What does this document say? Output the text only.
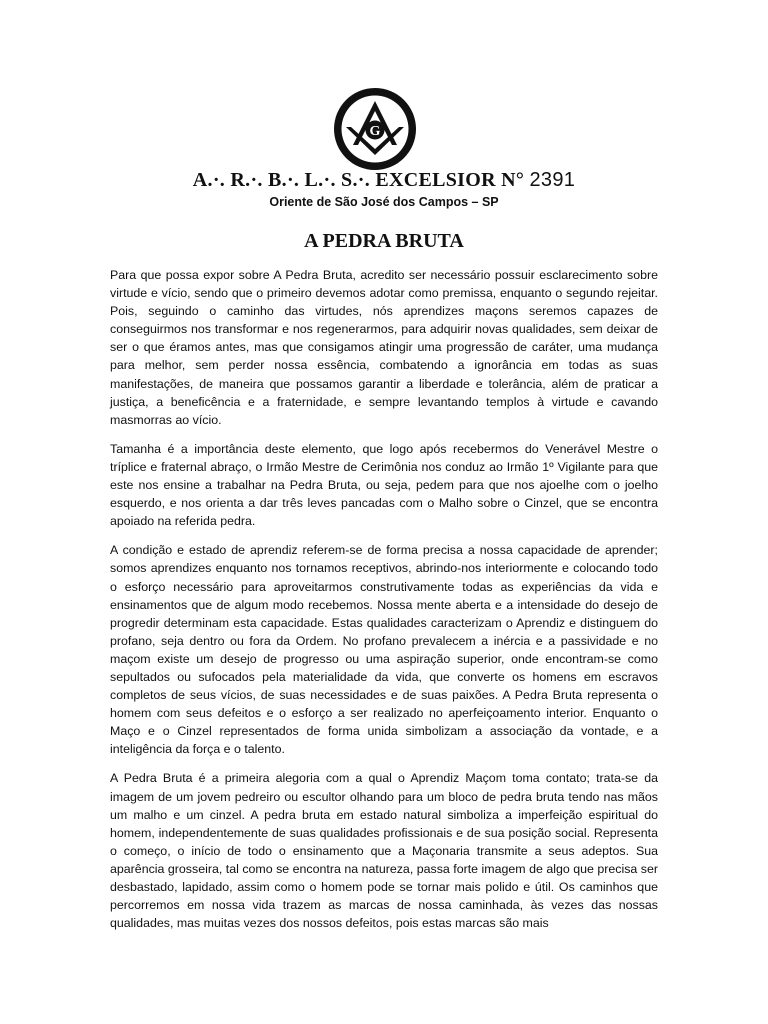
G
A.·. R.·. B.·. L.·. S.·. EXCELSIOR N° 2391
Oriente de São José dos Campos – SP
A PEDRA BRUTA

Para que possa expor sobre A Pedra Bruta, acredito ser necessário possuir esclarecimento sobre virtude e vício, sendo que o primeiro devemos adotar como premissa, enquanto o segundo rejeitar. Pois, seguindo o caminho das virtudes, nós aprendizes maçons seremos capazes de conseguirmos nos transformar e nos regenerarmos, para adquirir novas qualidades, sem deixar de ser o que éramos antes, mas que consigamos atingir uma progressão de caráter, uma mudança para melhor, sem perder nossa essência, combatendo a ignorância em todas as suas manifestações, de maneira que possamos garantir a liberdade e tolerância, além de praticar a justiça, a beneficência e a fraternidade, e sempre levantando templos à virtude e cavando masmorras ao vício.

Tamanha é a importância deste elemento, que logo após recebermos do Venerável Mestre o tríplice e fraternal abraço, o Irmão Mestre de Cerimônia nos conduz ao Irmão 1º Vigilante para que este nos ensine a trabalhar na Pedra Bruta, ou seja, pedem para que nos ajoelhe com o joelho esquerdo, e nos orienta a dar três leves pancadas com o Malho sobre o Cinzel, que se encontra apoiado na referida pedra.

A condição e estado de aprendiz referem-se de forma precisa a nossa capacidade de aprender; somos aprendizes enquanto nos tornamos receptivos, abrindo-nos interiormente e colocando todo o esforço necessário para aproveitarmos construtivamente todas as experiências da vida e ensinamentos que de algum modo recebemos. Nossa mente aberta e a intensidade do desejo de progredir determinam esta capacidade. Estas qualidades caracterizam o Aprendiz e distinguem do profano, seja dentro ou fora da Ordem. No profano prevalecem a inércia e a passividade e no maçom existe um desejo de progresso ou uma aspiração superior, onde encontram-se como sepultados ou sufocados pela materialidade da vida, que converte os homens em escravos completos de seus vícios, de suas necessidades e de suas paixões. A Pedra Bruta representa o homem com seus defeitos e o esforço a ser realizado no aperfeiçoamento interior. Enquanto o Maço e o Cinzel representados de forma unida simbolizam a associação da vontade, e a inteligência da força e o talento.

A Pedra Bruta é a primeira alegoria com a qual o Aprendiz Maçom toma contato; trata-se da imagem de um jovem pedreiro ou escultor olhando para um bloco de pedra bruta tendo nas mãos um malho e um cinzel. A pedra bruta em estado natural simboliza a imperfeição espiritual do homem, independentemente de suas qualidades profissionais e de sua posição social. Representa o começo, o início de todo o ensinamento que a Maçonaria transmite a seus adeptos. Sua aparência grosseira, tal como se encontra na natureza, passa forte imagem de algo que precisa ser desbastado, lapidado, assim como o homem pode se tornar mais polido e útil. Os caminhos que percorremos em nossa vida trazem as marcas de nossa caminhada, às vezes das nossas qualidades, mas muitas vezes dos nossos defeitos, pois estas marcas são mais
